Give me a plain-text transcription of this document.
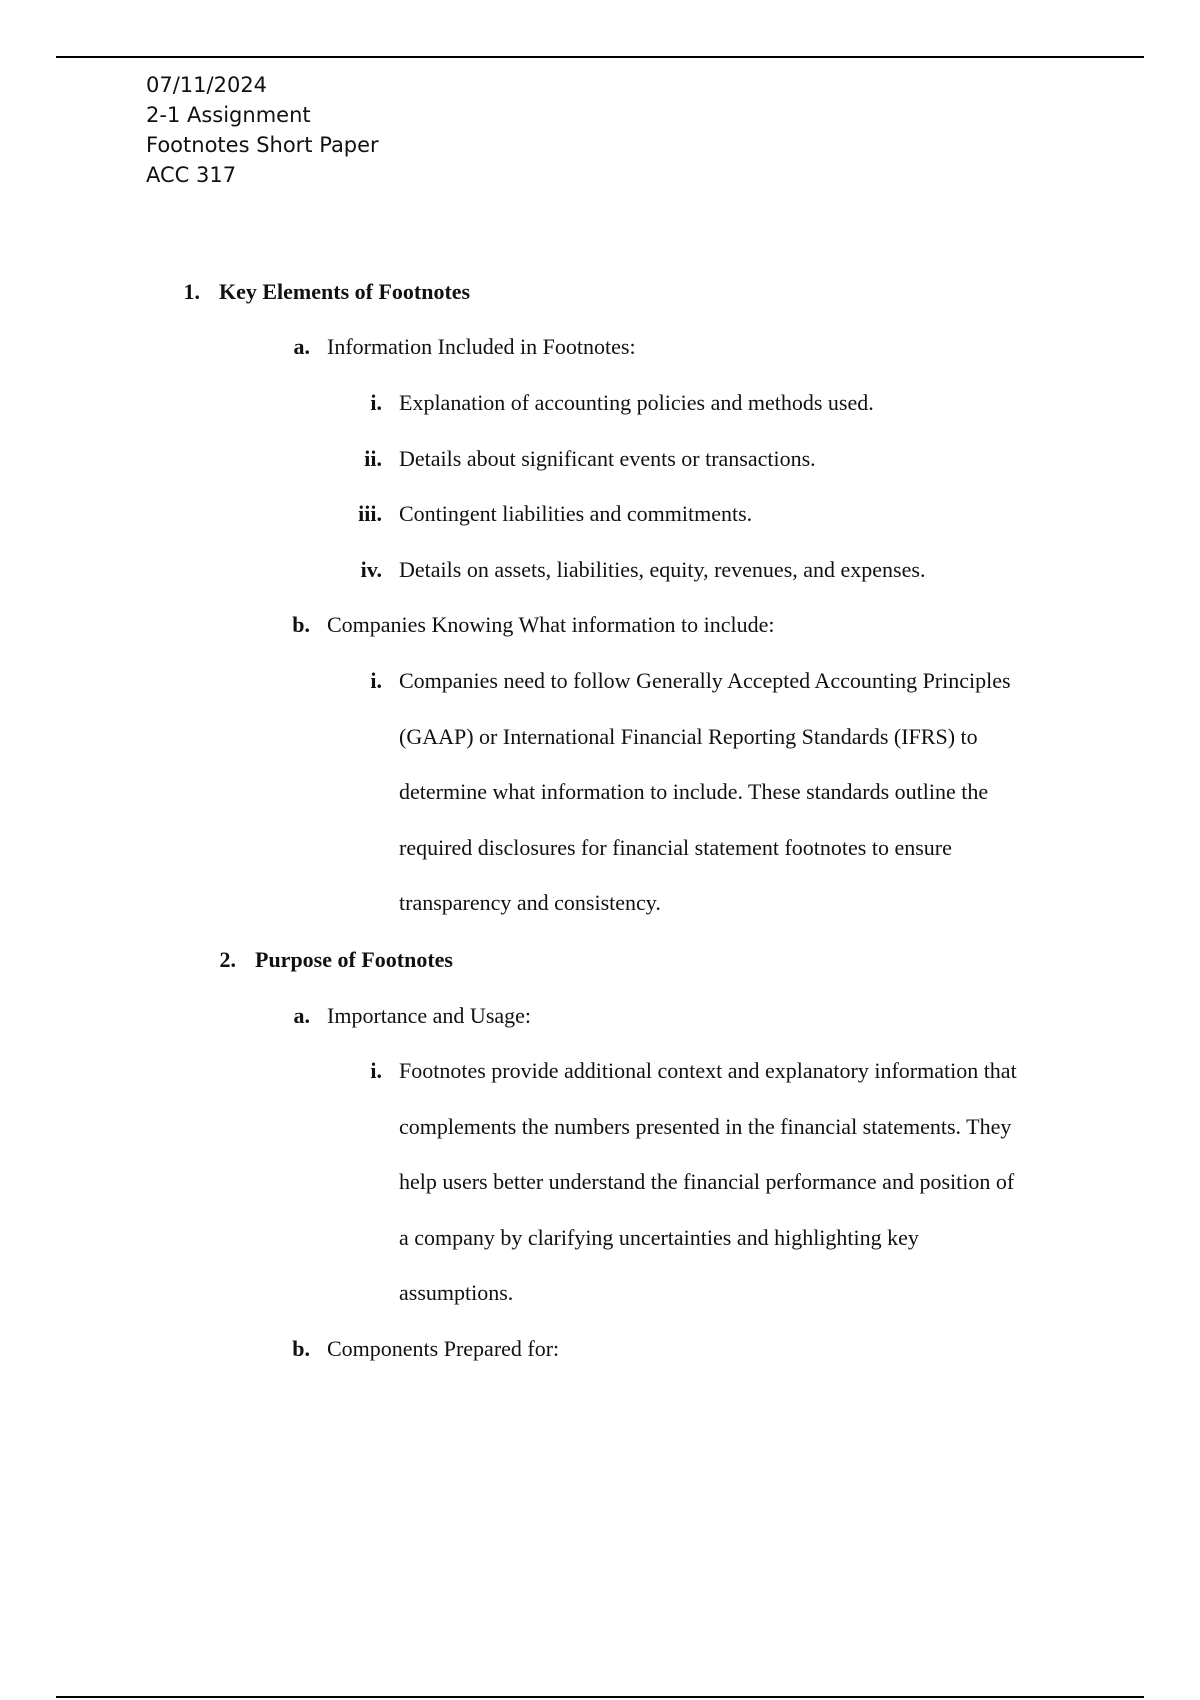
07/11/2024
2-1 Assignment
Footnotes Short Paper
ACC 317
1. Key Elements of Footnotes
a. Information Included in Footnotes:
i. Explanation of accounting policies and methods used.
ii. Details about significant events or transactions.
iii. Contingent liabilities and commitments.
iv. Details on assets, liabilities, equity, revenues, and expenses.
b. Companies Knowing What information to include:
i. Companies need to follow Generally Accepted Accounting Principles
(GAAP) or International Financial Reporting Standards (IFRS) to
determine what information to include. These standards outline the
required disclosures for financial statement footnotes to ensure
transparency and consistency.
2. Purpose of Footnotes
a. Importance and Usage:
i. Footnotes provide additional context and explanatory information that
complements the numbers presented in the financial statements. They
help users better understand the financial performance and position of
a company by clarifying uncertainties and highlighting key
assumptions.
b. Components Prepared for:
